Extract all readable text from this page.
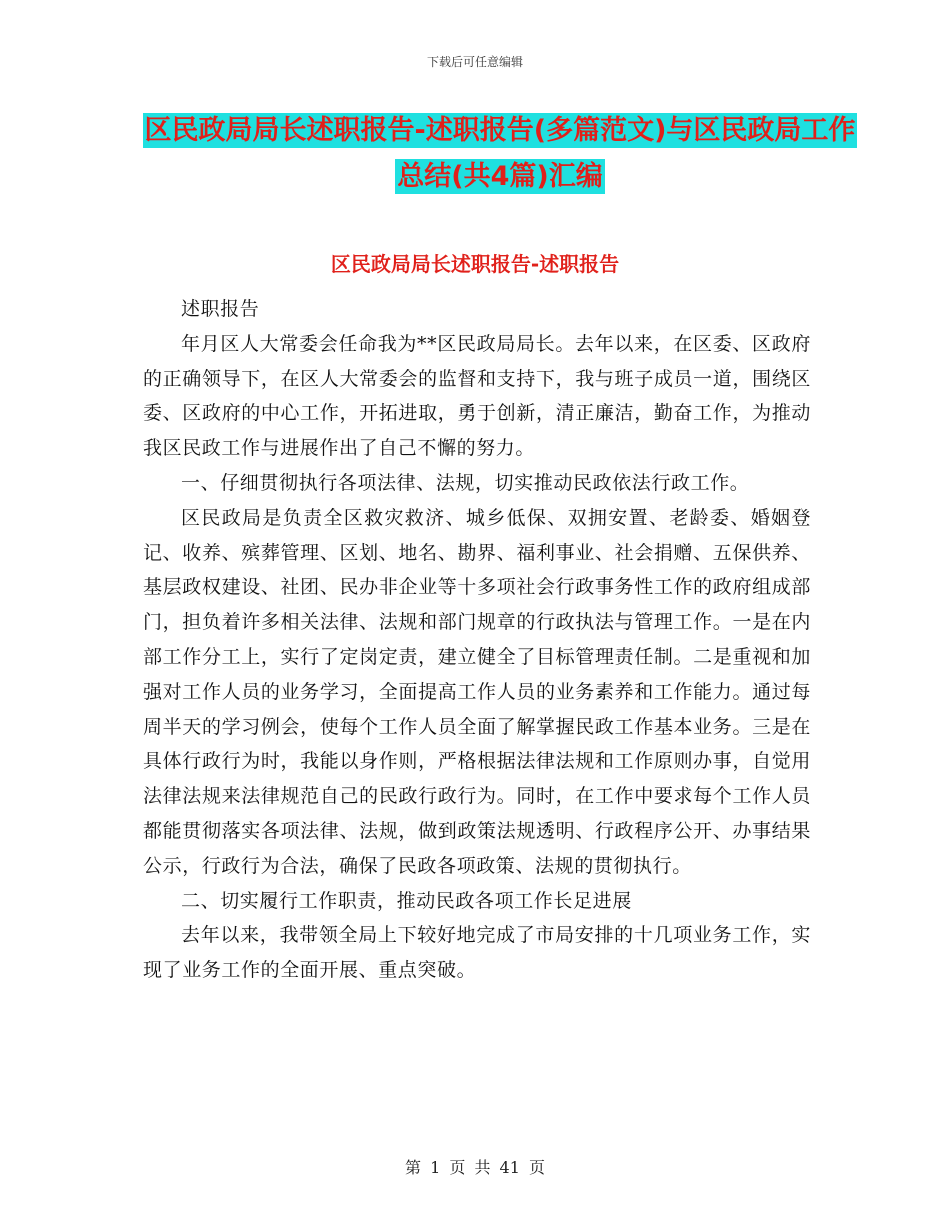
下载后可任意编辑
区民政局局长述职报告-述职报告(多篇范文)与区民政局工作总结(共4篇)汇编
区民政局局长述职报告-述职报告

述职报告

年月区人大常委会任命我为**区民政局局长。去年以来，在区委、区政府的正确领导下，在区人大常委会的监督和支持下，我与班子成员一道，围绕区委、区政府的中心工作，开拓进取，勇于创新，清正廉洁，勤奋工作，为推动我区民政工作与进展作出了自己不懈的努力。

一、仔细贯彻执行各项法律、法规，切实推动民政依法行政工作。

区民政局是负责全区救灾救济、城乡低保、双拥安置、老龄委、婚姻登记、收养、殡葬管理、区划、地名、勘界、福利事业、社会捐赠、五保供养、基层政权建设、社团、民办非企业等十多项社会行政事务性工作的政府组成部门，担负着许多相关法律、法规和部门规章的行政执法与管理工作。一是在内部工作分工上，实行了定岗定责，建立健全了目标管理责任制。二是重视和加强对工作人员的业务学习，全面提高工作人员的业务素养和工作能力。通过每周半天的学习例会，使每个工作人员全面了解掌握民政工作基本业务。三是在具体行政行为时，我能以身作则，严格根据法律法规和工作原则办事，自觉用法律法规来法律规范自己的民政行政行为。同时，在工作中要求每个工作人员都能贯彻落实各项法律、法规，做到政策法规透明、行政程序公开、办事结果公示，行政行为合法，确保了民政各项政策、法规的贯彻执行。

二、切实履行工作职责，推动民政各项工作长足进展

去年以来，我带领全局上下较好地完成了市局安排的十几项业务工作，实现了业务工作的全面开展、重点突破。

第 1 页 共 41 页
